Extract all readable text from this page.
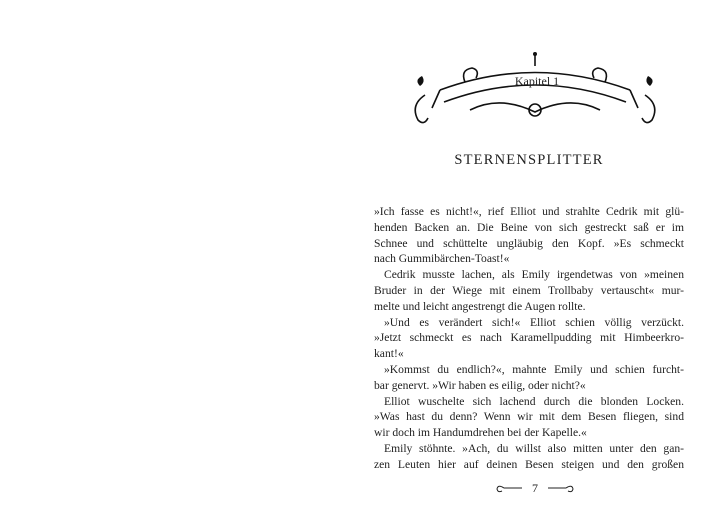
Kapitel 1
STERNENSPLITTER
»Ich fasse es nicht!«, rief Elliot und strahlte Cedrik mit glü-
henden Backen an. Die Beine von sich gestreckt saß er im
Schnee und schüttelte ungläubig den Kopf. »Es schmeckt
nach Gummibärchen-Toast!«
Cedrik musste lachen, als Emily irgendetwas von »meinen
Bruder in der Wiege mit einem Trollbaby vertauscht« mur-
melte und leicht angestrengt die Augen rollte.
»Und es verändert sich!« Elliot schien völlig verzückt.
»Jetzt schmeckt es nach Karamellpudding mit Himbeerkro-
kant!«
»Kommst du endlich?«, mahnte Emily und schien furcht-
bar genervt. »Wir haben es eilig, oder nicht?«
Elliot wuschelte sich lachend durch die blonden Locken.
»Was hast du denn? Wenn wir mit dem Besen fliegen, sind
wir doch im Handumdrehen bei der Kapelle.«
Emily stöhnte. »Ach, du willst also mitten unter den gan-
zen Leuten hier auf deinen Besen steigen und den großen
7
